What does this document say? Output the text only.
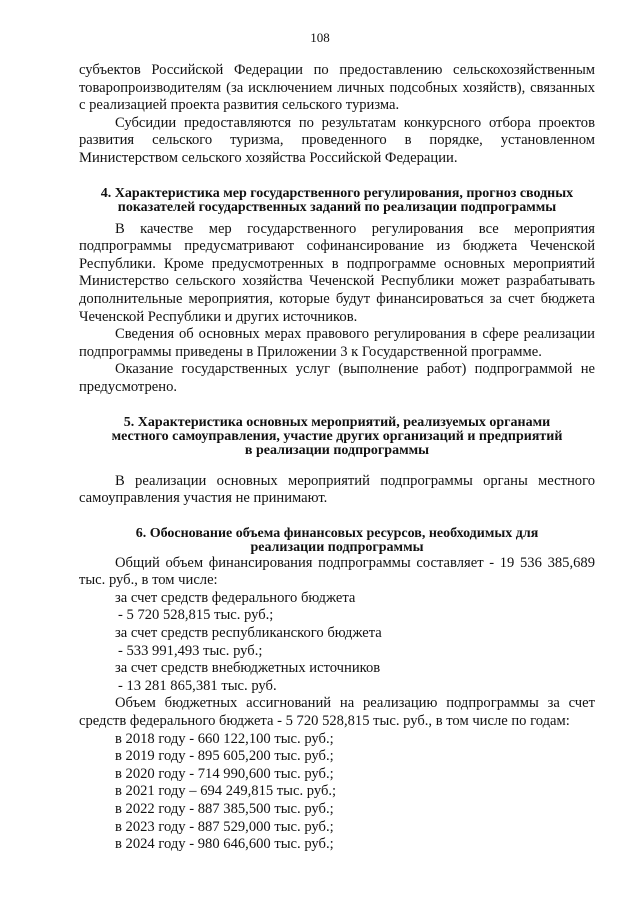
108

субъектов Российской Федерации по предоставлению сельскохозяйственным товаропроизводителям (за исключением личных подсобных хозяйств), связанных с реализацией проекта развития сельского туризма.

Субсидии предоставляются по результатам конкурсного отбора проектов развития сельского туризма, проведенного в порядке, установленном Министерством сельского хозяйства Российской Федерации.

4. Характеристика мер государственного регулирования, прогноз сводных

показателей государственных заданий по реализации подпрограммы

В качестве мер государственного регулирования все мероприятия подпрограммы предусматривают софинансирование из бюджета Чеченской Республики. Кроме предусмотренных в подпрограмме основных мероприятий Министерство сельского хозяйства Чеченской Республики может разрабатывать дополнительные мероприятия, которые будут финансироваться за счет бюджета Чеченской Республики и других источников.

Сведения об основных мерах правового регулирования в сфере реализации подпрограммы приведены в Приложении 3 к Государственной программе.

Оказание государственных услуг (выполнение работ) подпрограммой не предусмотрено.

5. Характеристика основных мероприятий, реализуемых органами

местного самоуправления, участие других организаций и предприятий

в реализации подпрограммы

В реализации основных мероприятий подпрограммы органы местного самоуправления участия не принимают.

6. Обоснование объема финансовых ресурсов, необходимых для

реализации подпрограммы

Общий объем финансирования подпрограммы составляет - 19 536 385,689 тыс. руб., в том числе:

за счет средств федерального бюджета

- 5 720 528,815 тыс. руб.;

за счет средств республиканского бюджета

- 533 991,493 тыс. руб.;

за счет средств внебюджетных источников

- 13 281 865,381 тыс. руб.

Объем бюджетных ассигнований на реализацию подпрограммы за счет средств федерального бюджета - 5 720 528,815 тыс. руб., в том числе по годам:

в 2018 году - 660 122,100 тыс. руб.;

в 2019 году - 895 605,200 тыс. руб.;

в 2020 году - 714 990,600 тыс. руб.;

в 2021 году – 694 249,815 тыс. руб.;

в 2022 году - 887 385,500 тыс. руб.;

в 2023 году - 887 529,000 тыс. руб.;

в 2024 году - 980 646,600 тыс. руб.;
